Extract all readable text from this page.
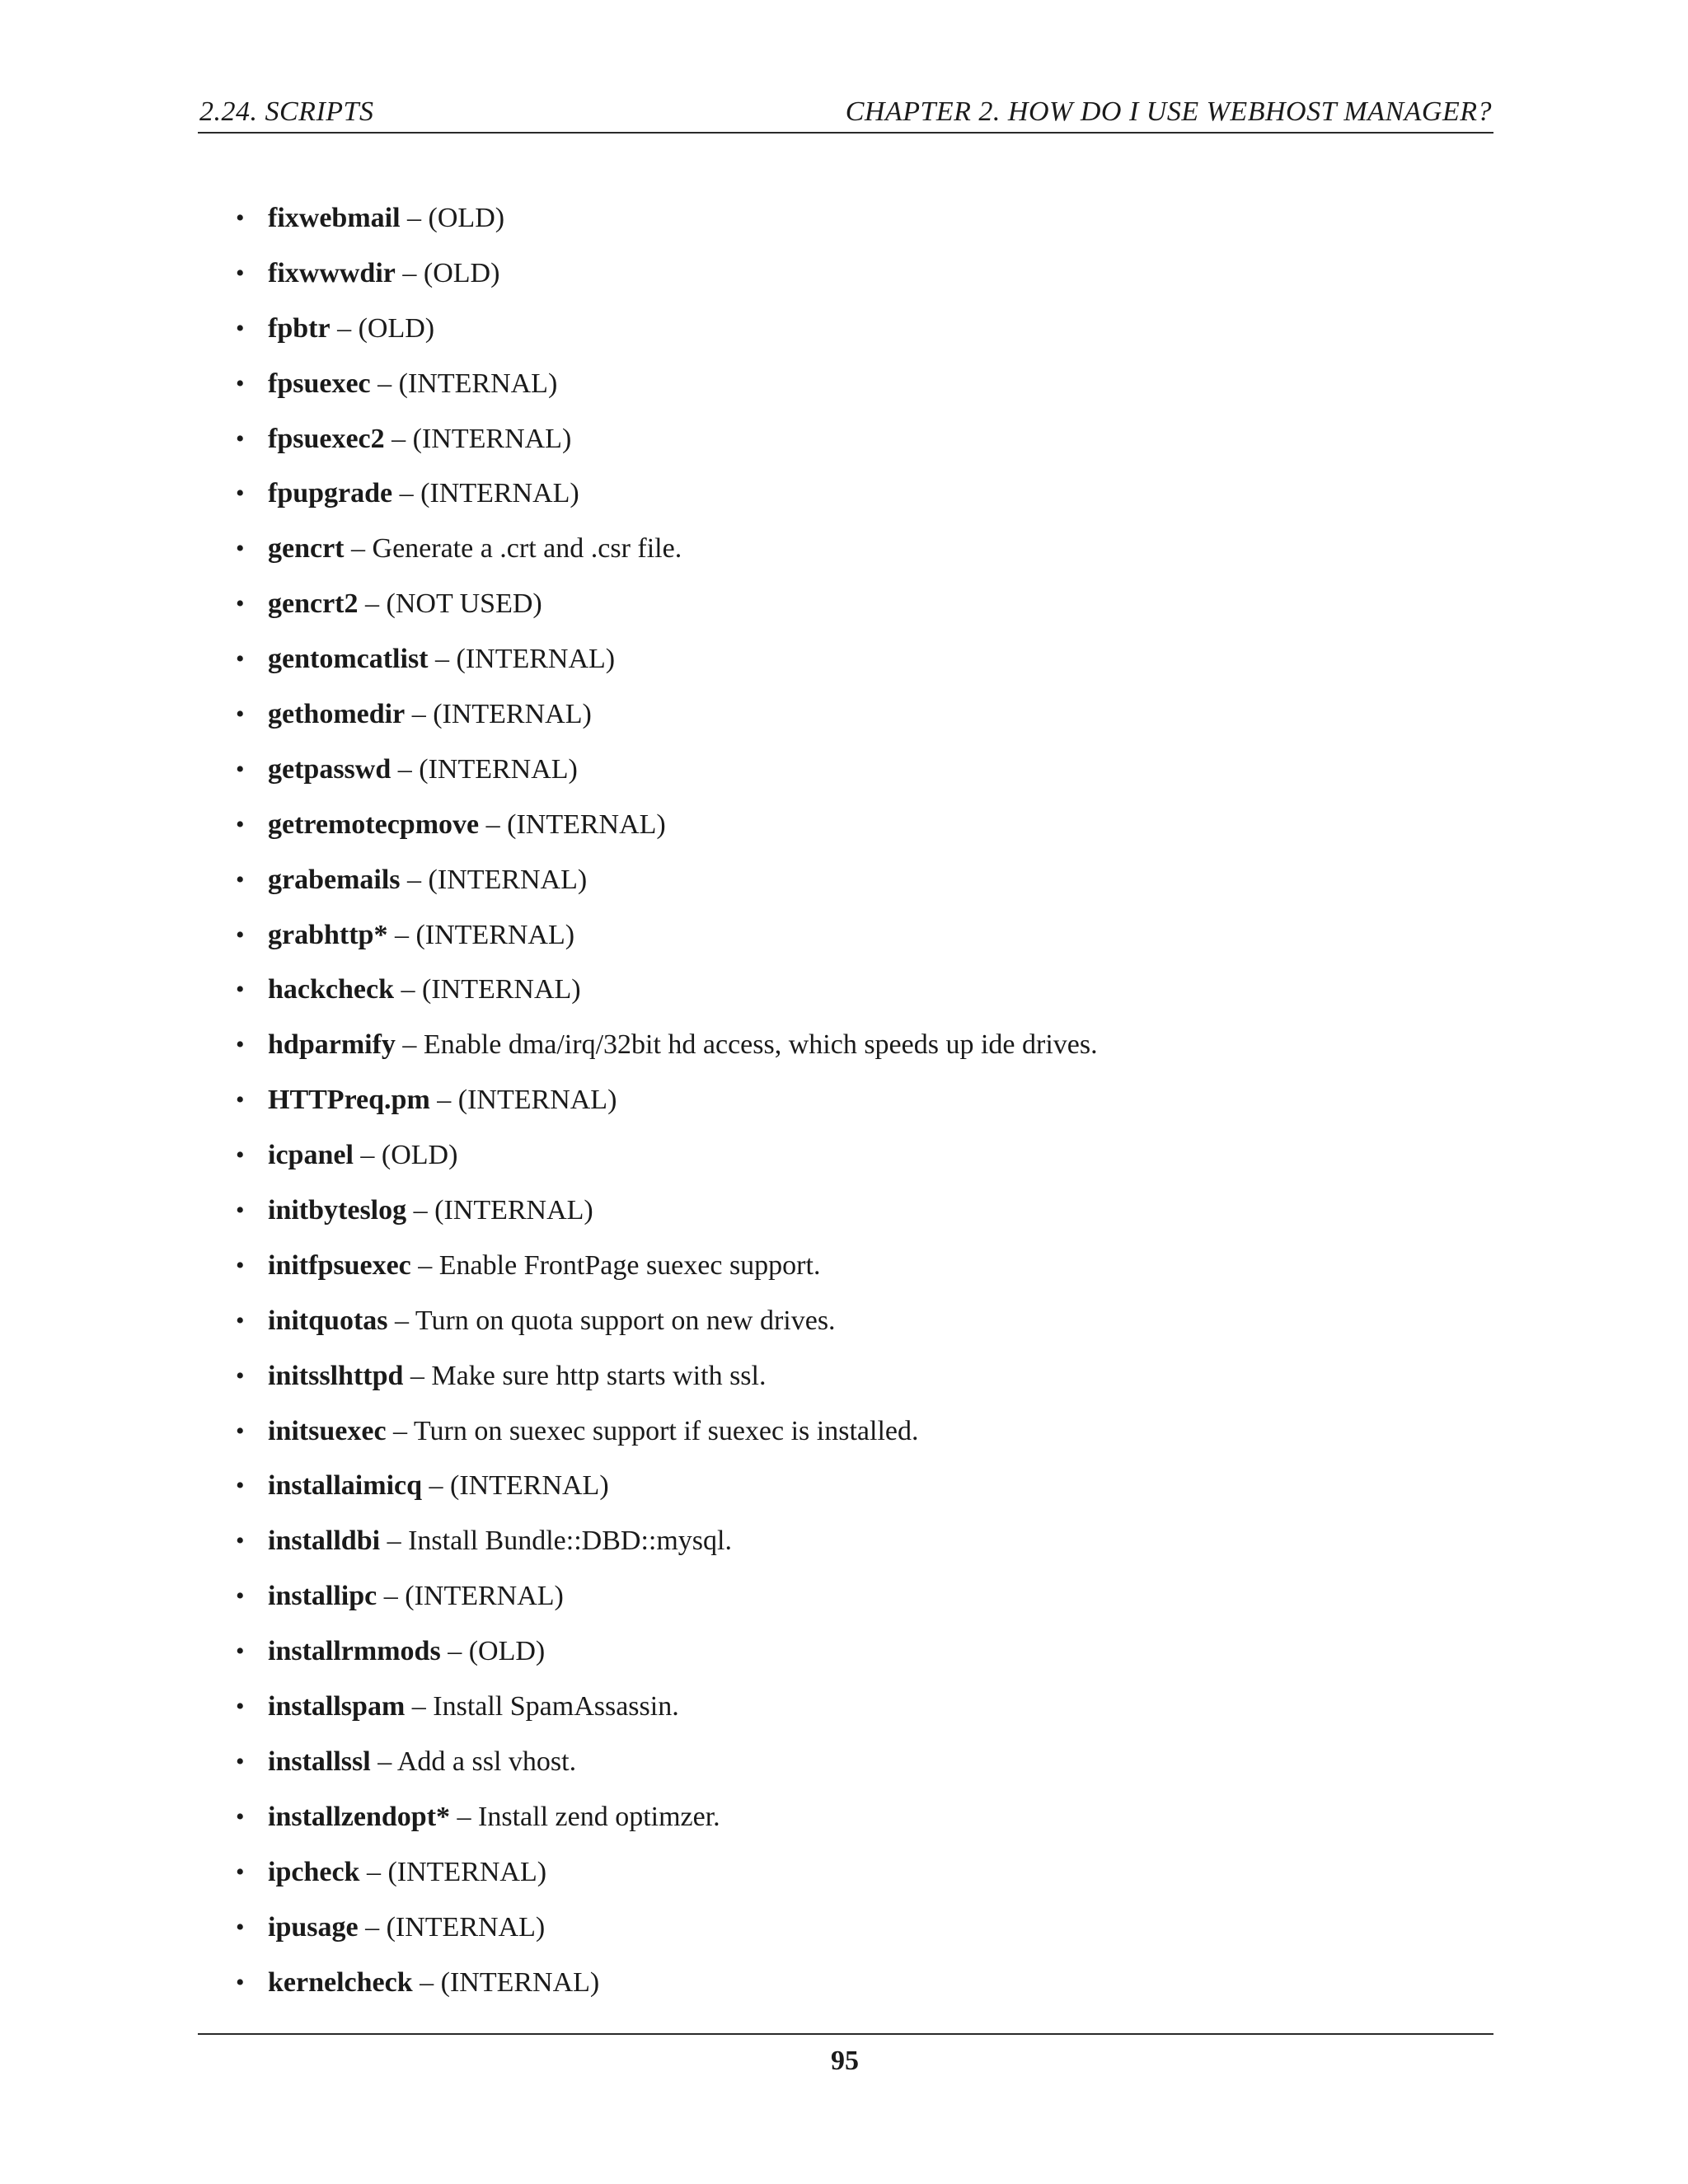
2.24. SCRIPTS	CHAPTER 2. HOW DO I USE WEBHOST MANAGER?
• fixwebmail – (OLD)
• fixwwwdir – (OLD)
• fpbtr – (OLD)
• fpsuexec – (INTERNAL)
• fpsuexec2 – (INTERNAL)
• fpupgrade – (INTERNAL)
• gencrt – Generate a .crt and .csr file.
• gencrt2 – (NOT USED)
• gentomcatlist – (INTERNAL)
• gethomedir – (INTERNAL)
• getpasswd – (INTERNAL)
• getremotecpmove – (INTERNAL)
• grabemails – (INTERNAL)
• grabhttp* – (INTERNAL)
• hackcheck – (INTERNAL)
• hdparmify – Enable dma/irq/32bit hd access, which speeds up ide drives.
• HTTPreq.pm – (INTERNAL)
• icpanel – (OLD)
• initbyteslog – (INTERNAL)
• initfpsuexec – Enable FrontPage suexec support.
• initquotas – Turn on quota support on new drives.
• initsslhttpd – Make sure http starts with ssl.
• initsuexec – Turn on suexec support if suexec is installed.
• installaimicq – (INTERNAL)
• installdbi – Install Bundle::DBD::mysql.
• installipc – (INTERNAL)
• installrmmods – (OLD)
• installspam – Install SpamAssassin.
• installssl – Add a ssl vhost.
• installzendopt* – Install zend optimzer.
• ipcheck – (INTERNAL)
• ipusage – (INTERNAL)
• kernelcheck – (INTERNAL)
95
